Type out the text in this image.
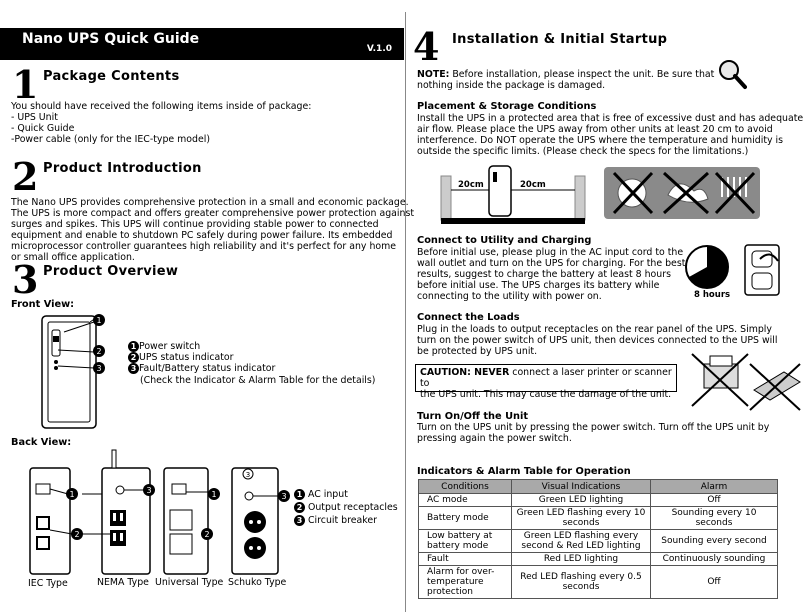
Nano UPS Quick Guide
V.1.0
1 Package Contents
You should have received the following items inside of package:
- UPS Unit
- Quick Guide
-Power cable (only for the IEC-type model)
2 Product Introduction
The Nano UPS provides comprehensive protection in a small and economic package.
The UPS is more compact and offers greater comprehensive power protection against
surges and spikes. This UPS will continue providing stable power to connected
equipment and enable to shutdown PC safely during power failure. Its embedded
microprocessor controller guarantees high reliability and it's perfect for any home
or small office application.
3 Product Overview
Front View:
1
2
3
1 Power switch
2 UPS status indicator
3 Fault/Battery status indicator
(Check the Indicator & Alarm Table for the details)
Back View:
1
2
3	1
2
3
3	1 AC input
2 Output receptacles
3 Circuit breaker
IEC Type	NEMA Type Universal Type Schuko Type
4 Installation & Initial Startup
NOTE: Before installation, please inspect the unit. Be sure that
nothing inside the package is damaged.
Placement & Storage Conditions
Install the UPS in a protected area that is free of excessive dust and has adequate
air flow. Please place the UPS away from other units at least 20 cm to avoid
interference. Do NOT operate the UPS where the temperature and humidity is
outside the specific limits. (Please check the specs for the limitations.)
20cm	20cm
Connect to Utility and Charging
Before initial use, please plug in the AC input cord to the
wall outlet and turn on the UPS for charging. For the best
results, suggest to charge the battery at least 8 hours
before initial use. The UPS charges its battery while
connecting to the utility with power on.	8 hours
Connect the Loads
Plug in the loads to output receptacles on the rear panel of the UPS. Simply
turn on the power switch of UPS unit, then devices connected to the UPS will
be protected by UPS unit.
CAUTION: NEVER connect a laser printer or scanner to
the UPS unit. This may cause the damage of the unit.
Turn On/Off the Unit
Turn on the UPS unit by pressing the power switch. Turn off the UPS unit by
pressing again the power switch.
Indicators & Alarm Table for Operation
Conditions	Visual Indications	Alarm
AC mode	Green LED lighting	Off
Battery mode	Green LED flashing every 10 seconds	Sounding every 10 seconds
Low battery at battery mode	Green LED flashing every second & Red LED lighting	Sounding every second
Fault	Red LED lighting	Continuously sounding
Alarm for over-temperature protection	Red LED flashing every 0.5 seconds	Off
